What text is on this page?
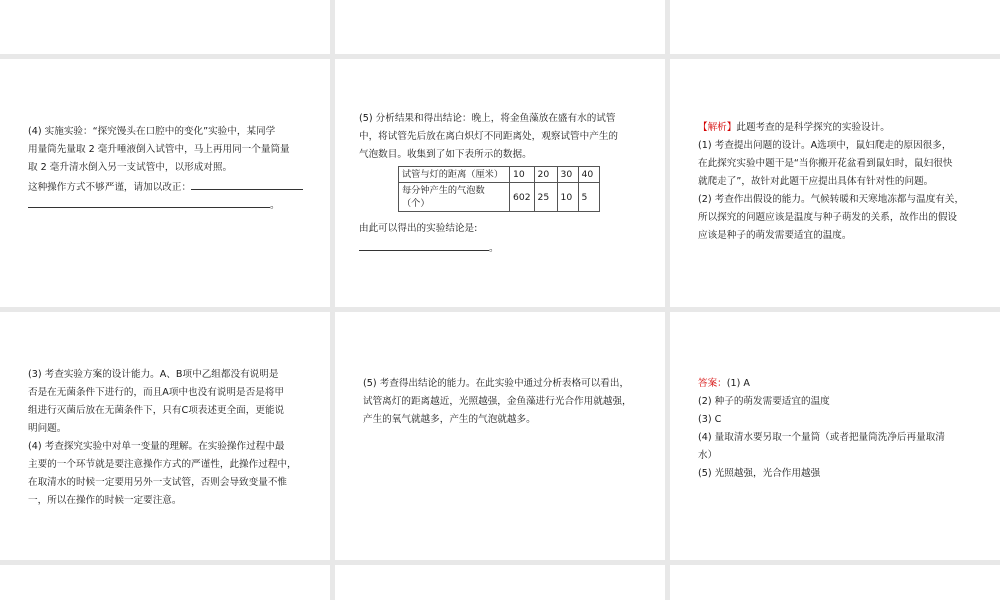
(4) 实施实验：“探究馒头在口腔中的变化”实验中，某同学
用量筒先量取 2 毫升唾液倒入试管中，马上再用同一个量筒量
取 2 毫升清水倒入另一支试管中，以形成对照。
这种操作方式不够严谨，请加以改正：
。
(5) 分析结果和得出结论：晚上，将金鱼藻放在盛有水的试管
中，将试管先后放在离白炽灯不同距离处，观察试管中产生的
气泡数目。收集到了如下表所示的数据。
试管与灯的距离（厘米）	10	20	30	40
每分钟产生的气泡数（个）	602	25	10	5
由此可以得出的实验结论是:
。
【解析】此题考查的是科学探究的实验设计。
(1) 考查提出问题的设计。A选项中，鼠妇爬走的原因很多，
在此探究实验中题干是“当你搬开花盆看到鼠妇时，鼠妇很快
就爬走了”，故针对此题干应提出具体有针对性的问题。
(2) 考查作出假设的能力。气候转暖和天寒地冻都与温度有关，
所以探究的问题应该是温度与种子萌发的关系，故作出的假设
应该是种子的萌发需要适宜的温度。
(3) 考查实验方案的设计能力。A、B项中乙组都没有说明是
否是在无菌条件下进行的，而且A项中也没有说明是否是将甲
组进行灭菌后放在无菌条件下，只有C项表述更全面，更能说
明问题。
(4) 考查探究实验中对单一变量的理解。在实验操作过程中最
主要的一个环节就是要注意操作方式的严谨性，此操作过程中，
在取清水的时候一定要用另外一支试管，否则会导致变量不惟
一，所以在操作的时候一定要注意。
(5) 考查得出结论的能力。在此实验中通过分析表格可以看出，
试管离灯的距离越近，光照越强，金鱼藻进行光合作用就越强，
产生的氧气就越多，产生的气泡就越多。
答案：(1) A
(2) 种子的萌发需要适宜的温度
(3) C
(4) 量取清水要另取一个量筒（或者把量筒洗净后再量取清
水）
(5) 光照越强，光合作用越强
